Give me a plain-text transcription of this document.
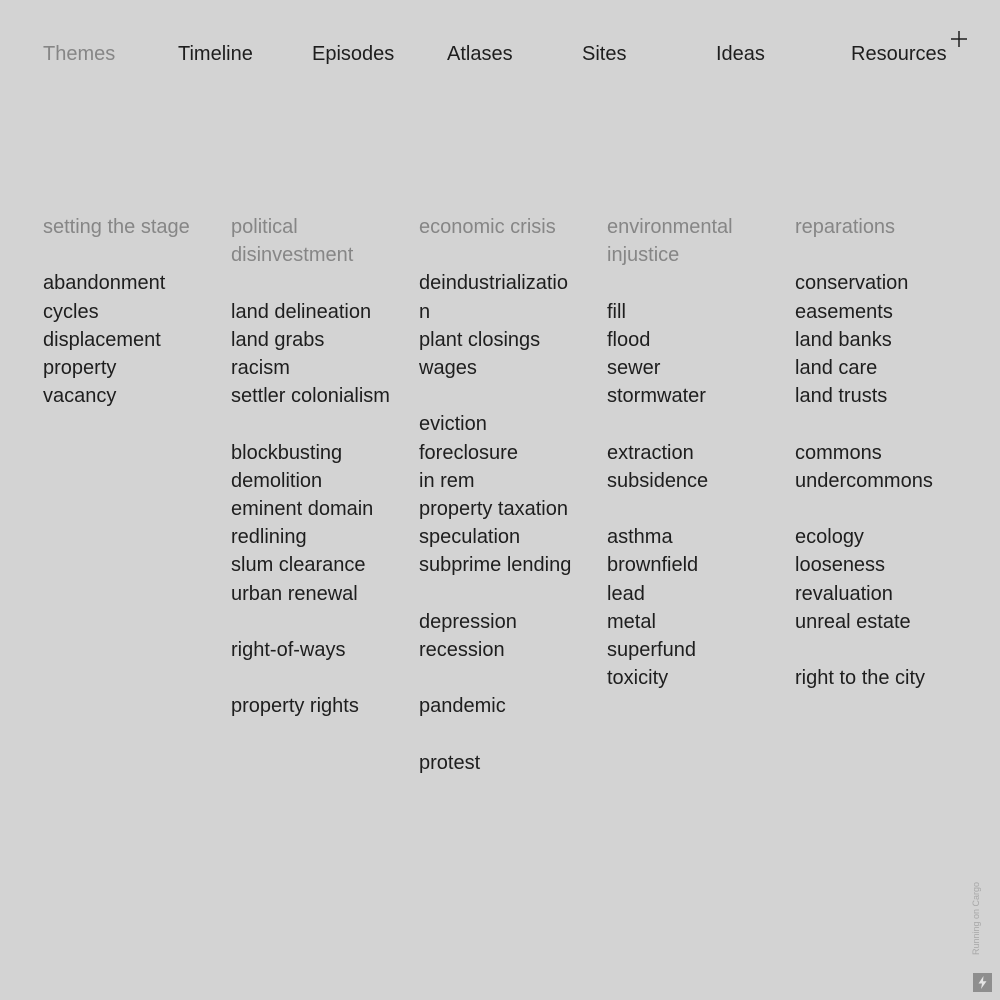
Themes	Timeline	Episodes	Atlases	Sites	Ideas	Resources
setting the stage
abandonment
cycles
displacement
property
vacancy
political disinvestment
land delineation
land grabs
racism
settler colonialism
blockbusting
demolition
eminent domain
redlining
slum clearance
urban renewal
right-of-ways
property rights
economic crisis
deindustrialization
plant closings
wages
eviction
foreclosure
in rem
property taxation
speculation
subprime lending
depression
recession
pandemic
protest
environmental injustice
fill
flood
sewer
stormwater
extraction
subsidence
asthma
brownfield
lead
metal
superfund
toxicity
reparations
conservation
easements
land banks
land care
land trusts
commons
undercommons
ecology
looseness
revaluation
unreal estate
right to the city
Running on Cargo
